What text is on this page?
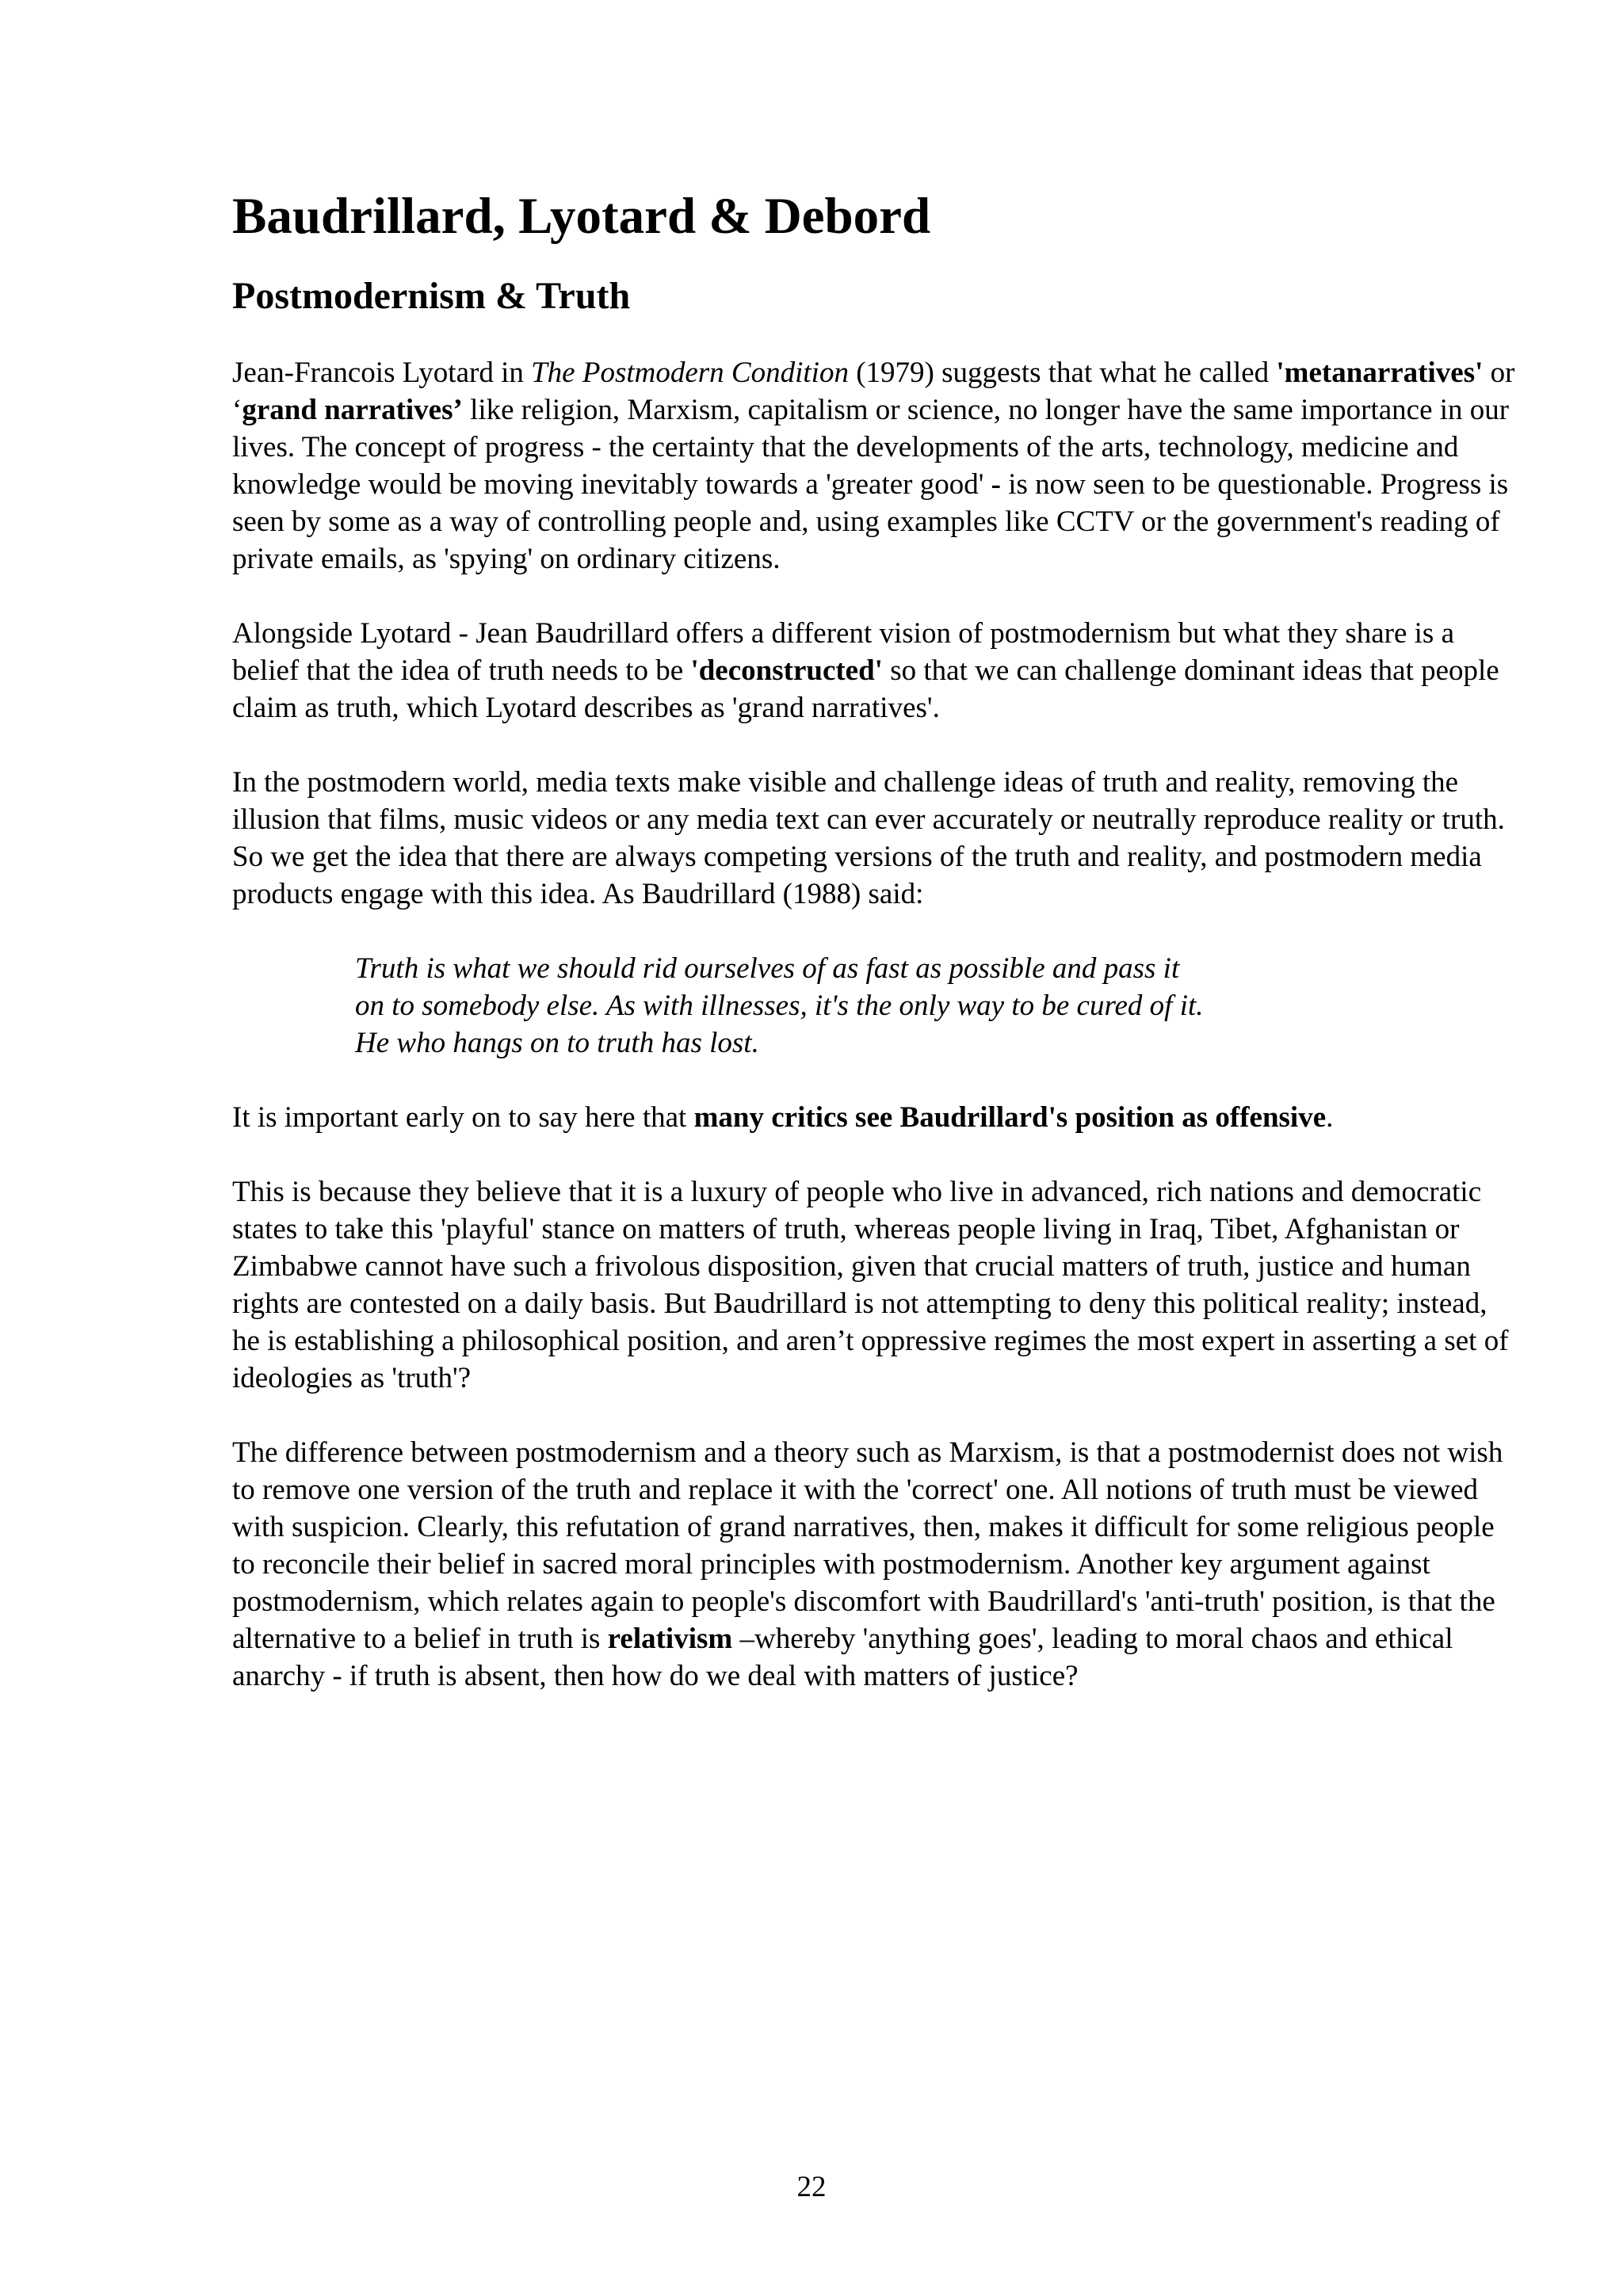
Baudrillard, Lyotard & Debord
Postmodernism & Truth

Jean-Francois Lyotard in The Postmodern Condition (1979) suggests that what he called 'metanarratives' or ‘grand narratives’ like religion, Marxism, capitalism or science, no longer have the same importance in our lives. The concept of progress - the certainty that the developments of the arts, technology, medicine and knowledge would be moving inevitably towards a 'greater good' - is now seen to be questionable. Progress is seen by some as a way of controlling people and, using examples like CCTV or the government's reading of private emails, as 'spying' on ordinary citizens.

Alongside Lyotard - Jean Baudrillard offers a different vision of postmodernism but what they share is a belief that the idea of truth needs to be 'deconstructed' so that we can challenge dominant ideas that people claim as truth, which Lyotard describes as 'grand narratives'.

In the postmodern world, media texts make visible and challenge ideas of truth and reality, removing the illusion that films, music videos or any media text can ever accurately or neutrally reproduce reality or truth. So we get the idea that there are always competing versions of the truth and reality, and postmodern media products engage with this idea. As Baudrillard (1988) said:

Truth is what we should rid ourselves of as fast as possible and pass it
on to somebody else. As with illnesses, it's the only way to be cured of it.
He who hangs on to truth has lost.

It is important early on to say here that many critics see Baudrillard's position as offensive.

This is because they believe that it is a luxury of people who live in advanced, rich nations and democratic states to take this 'playful' stance on matters of truth, whereas people living in Iraq, Tibet, Afghanistan or Zimbabwe cannot have such a frivolous disposition, given that crucial matters of truth, justice and human rights are contested on a daily basis. But Baudrillard is not attempting to deny this political reality; instead, he is establishing a philosophical position, and aren’t oppressive regimes the most expert in asserting a set of ideologies as 'truth'?

The difference between postmodernism and a theory such as Marxism, is that a postmodernist does not wish to remove one version of the truth and replace it with the 'correct' one. All notions of truth must be viewed with suspicion. Clearly, this refutation of grand narratives, then, makes it difficult for some religious people to reconcile their belief in sacred moral principles with postmodernism. Another key argument against postmodernism, which relates again to people's discomfort with Baudrillard's 'anti-truth' position, is that the alternative to a belief in truth is relativism –whereby 'anything goes', leading to moral chaos and ethical anarchy - if truth is absent, then how do we deal with matters of justice?

22
